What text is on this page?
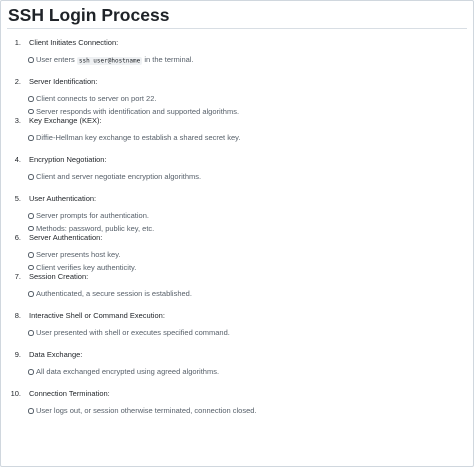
SSH Login Process
1. Client Initiates Connection:
User enters ssh user@hostname in the terminal.
2. Server Identification:
Client connects to server on port 22.
Server responds with identification and supported algorithms.
3. Key Exchange (KEX):
Diffie-Hellman key exchange to establish a shared secret key.
4. Encryption Negotiation:
Client and server negotiate encryption algorithms.
5. User Authentication:
Server prompts for authentication.
Methods: password, public key, etc.
6. Server Authentication:
Server presents host key.
Client verifies key authenticity.
7. Session Creation:
Authenticated, a secure session is established.
8. Interactive Shell or Command Execution:
User presented with shell or executes specified command.
9. Data Exchange:
All data exchanged encrypted using agreed algorithms.
10. Connection Termination:
User logs out, or session otherwise terminated, connection closed.
